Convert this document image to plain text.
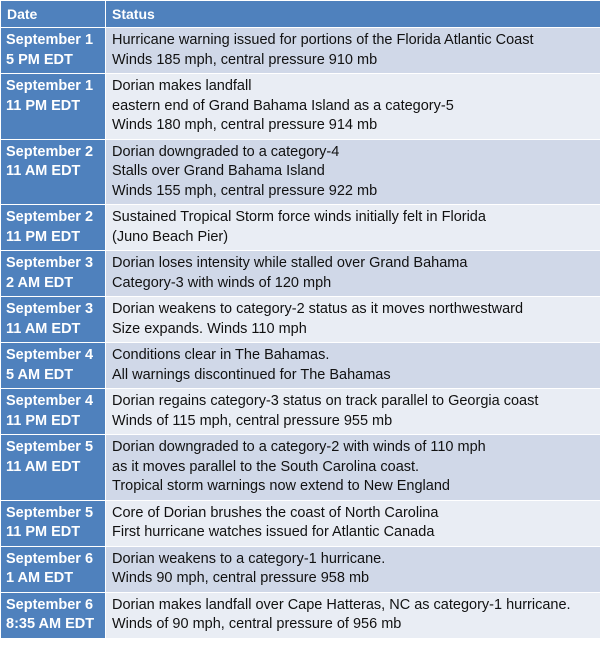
Date	Status

September 1
5 PM EDT	Hurricane warning issued for portions of the Florida Atlantic Coast
Winds 185 mph, central pressure 910 mb

September 1
11 PM EDT	Dorian makes landfall
eastern end of Grand Bahama Island as a category-5
Winds 180 mph, central pressure 914 mb

September 2
11 AM EDT	Dorian downgraded to a category-4
Stalls over Grand Bahama Island
Winds 155 mph, central pressure 922 mb

September 2
11 PM EDT	Sustained Tropical Storm force winds initially felt in Florida
(Juno Beach Pier)

September 3
2 AM EDT	Dorian loses intensity while stalled over Grand Bahama
Category-3 with winds of 120 mph

September 3
11 AM EDT	Dorian weakens to category-2 status as it moves northwestward
Size expands. Winds 110 mph

September 4
5 AM EDT	Conditions clear in The Bahamas.
All warnings discontinued for The Bahamas

September 4
11 PM EDT	Dorian regains category-3 status on track parallel to Georgia coast
Winds of 115 mph, central pressure 955 mb

September 5
11 AM EDT	Dorian downgraded to a category-2 with winds of 110 mph
as it moves parallel to the South Carolina coast.
Tropical storm warnings now extend to New England

September 5
11 PM EDT	Core of Dorian brushes the coast of North Carolina
First hurricane watches issued for Atlantic Canada

September 6
1 AM EDT	Dorian weakens to a category-1 hurricane.
Winds 90 mph, central pressure 958 mb

September 6
8:35 AM EDT	Dorian makes landfall over Cape Hatteras, NC as category-1 hurricane.
Winds of 90 mph, central pressure of 956 mb
